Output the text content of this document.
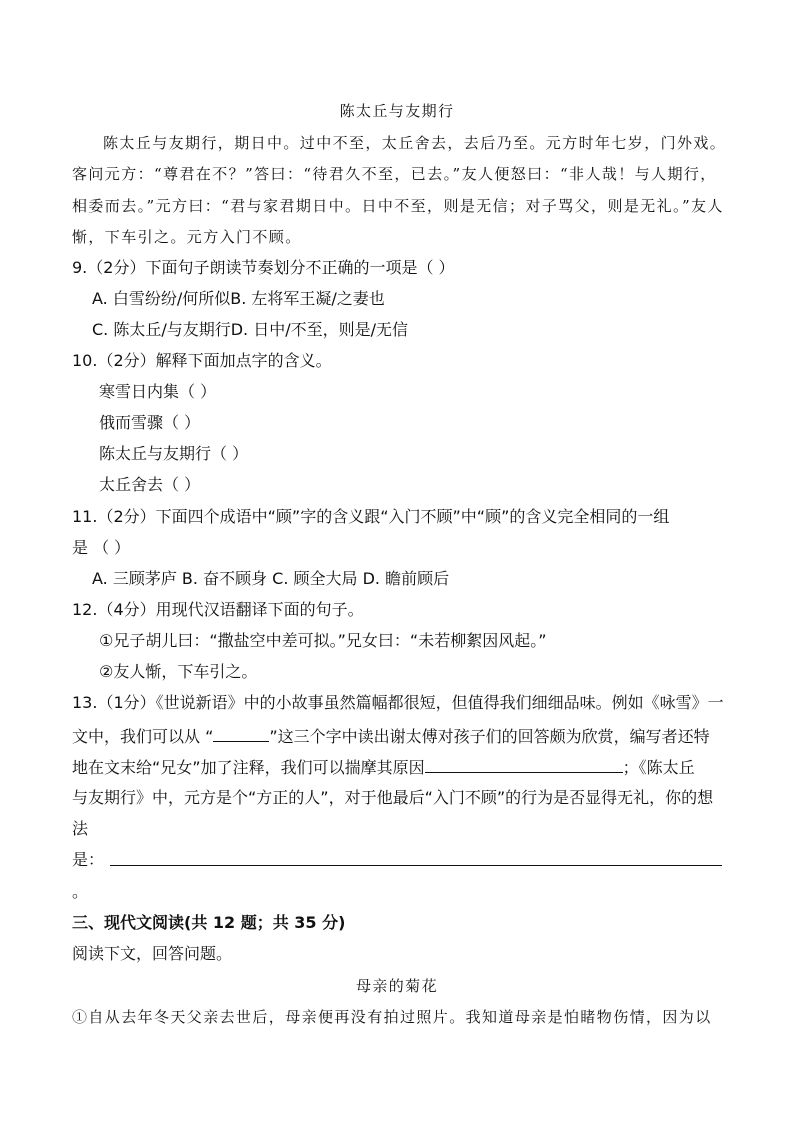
陈太丘与友期行
陈太丘与友期行，期日中。过中不至，太丘舍去，去后乃至。元方时年七岁，门外戏。
客问元方：“尊君在不？”答曰：“待君久不至，已去。”友人便怒曰：“非人哉！与人期行，
相委而去。”元方曰：“君与家君期日中。日中不至，则是无信；对子骂父，则是无礼。”友人
惭，下车引之。元方入门不顾。
9.（2分）下面句子朗读节奏划分不正确的一项是（ ）
A. 白雪纷纷/何所似B. 左将军王凝/之妻也
C. 陈太丘/与友期行D. 日中/不至，则是/无信
10.（2分）解释下面加点字的含义。
寒雪日内集（ ）
俄而雪骤（ ）
陈太丘与友期行（ ）
太丘舍去（ ）
11.（2分）下面四个成语中“顾”字的含义跟“入门不顾”中“顾”的含义完全相同的一组
是 （ ）
A. 三顾茅庐 B. 奋不顾身 C. 顾全大局 D. 瞻前顾后
12.（4分）用现代汉语翻译下面的句子。
①兄子胡儿曰：“撒盐空中差可拟。”兄女曰：“未若柳絮因风起。”
②友人惭，下车引之。
13.（1分）《世说新语》中的小故事虽然篇幅都很短，但值得我们细细品味。例如《咏雪》一
文中，我们可以从 “	”这三个字中读出谢太傅对孩子们的回答颇为欣赏，编写者还特
地在文末给“兄女”加了注释，我们可以揣摩其原因	；《陈太丘
与友期行》中，元方是个“方正的人”，对于他最后“入门不顾”的行为是否显得无礼，你的想
法
是：
。
三、现代文阅读(共 12 题；共 35 分)
阅读下文，回答问题。
母亲的菊花
①自从去年冬天父亲去世后，母亲便再没有拍过照片。我知道母亲是怕睹物伤情，因为以
